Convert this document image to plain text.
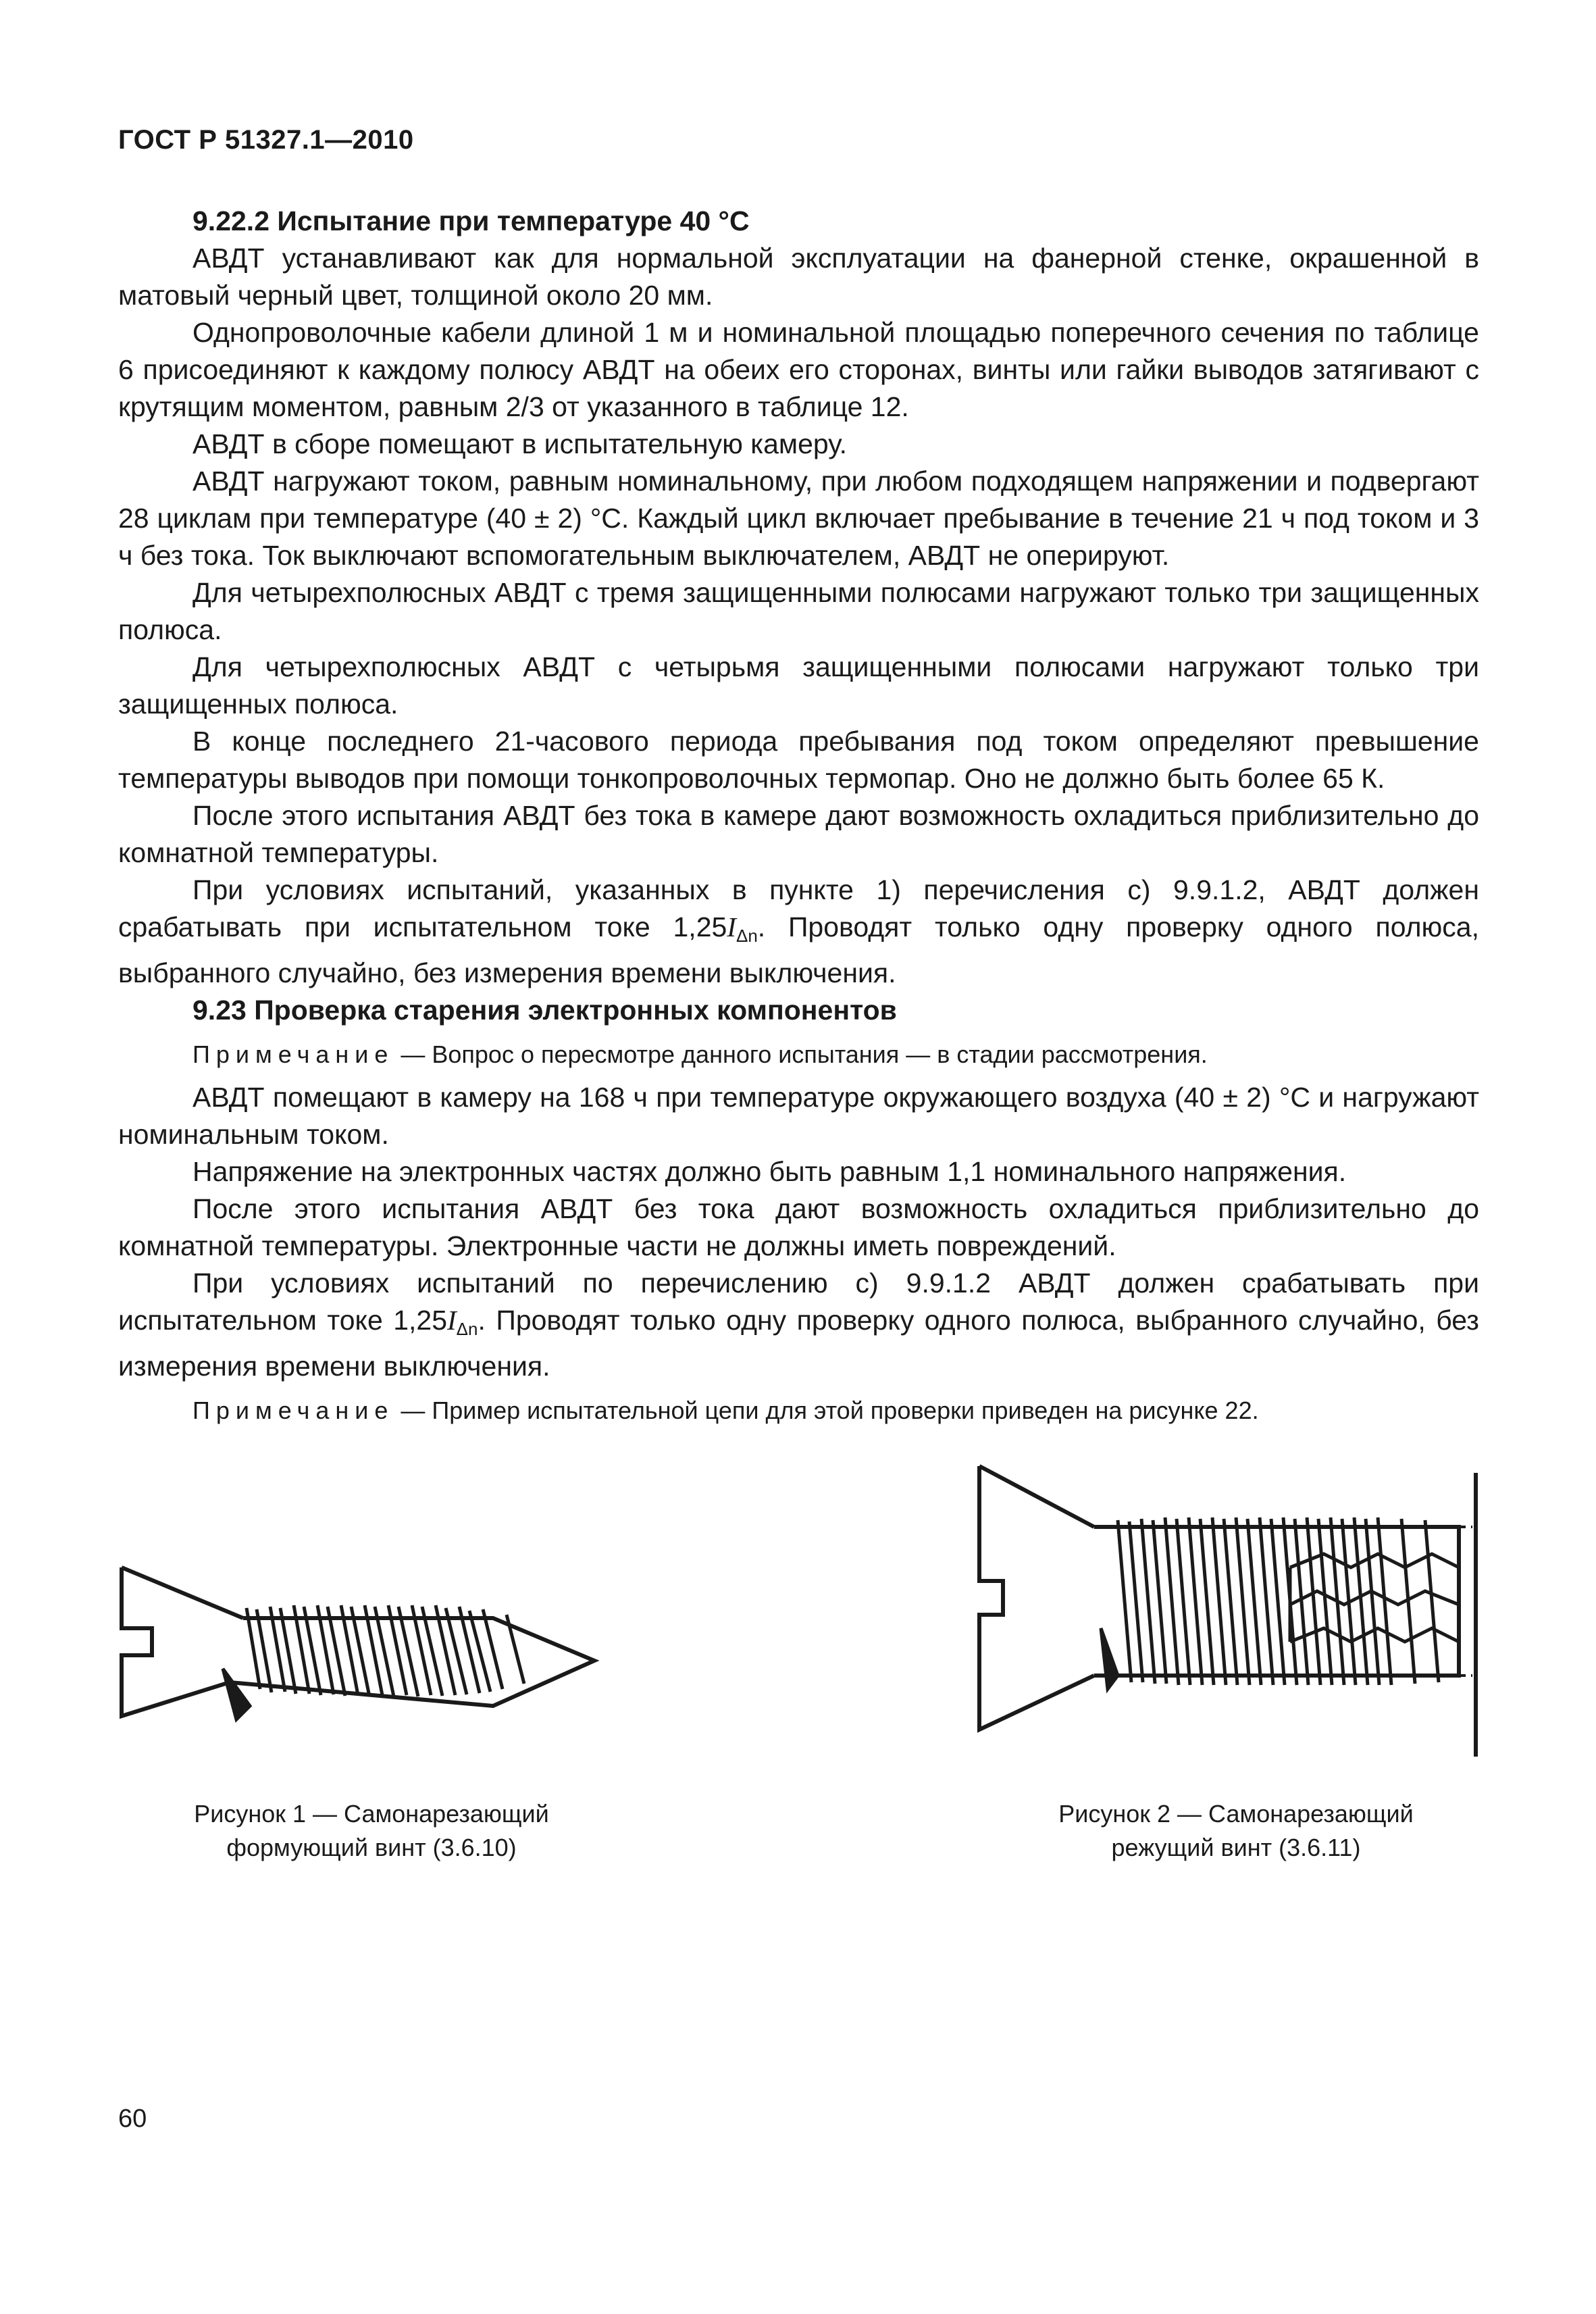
ГОСТ Р 51327.1—2010
9.22.2 Испытание при температуре 40 °С

АВДТ устанавливают как для нормальной эксплуатации на фанерной стенке, окрашенной в матовый черный цвет, толщиной около 20 мм.

Однопроволочные кабели длиной 1 м и номинальной площадью поперечного сечения по таблице 6 присоединяют к каждому полюсу АВДТ на обеих его сторонах, винты или гайки выводов затягивают с крутящим моментом, равным 2/3 от указанного в таблице 12.

АВДТ в сборе помещают в испытательную камеру.

АВДТ нагружают током, равным номинальному, при любом подходящем напряжении и подвергают 28 циклам при температуре (40 ± 2) °С. Каждый цикл включает пребывание в течение 21 ч под током и 3 ч без тока. Ток выключают вспомогательным выключателем, АВДТ не оперируют.

Для четырехполюсных АВДТ с тремя защищенными полюсами нагружают только три защищенных полюса.

Для четырехполюсных АВДТ с четырьмя защищенными полюсами нагружают только три защищенных полюса.

В конце последнего 21-часового периода пребывания под током определяют превышение температуры выводов при помощи тонкопроволочных термопар. Оно не должно быть более 65 К.

После этого испытания АВДТ без тока в камере дают возможность охладиться приблизительно до комнатной температуры.

При условиях испытаний, указанных в пункте 1) перечисления с) 9.9.1.2, АВДТ должен срабатывать при испытательном токе $1,25I_{\Delta n}$. Проводят только одну проверку одного полюса, выбранного случайно, без измерения времени выключения.

9.23 Проверка старения электронных компонентов

Примечание — Вопрос о пересмотре данного испытания — в стадии рассмотрения.

АВДТ помещают в камеру на 168 ч при температуре окружающего воздуха (40 ± 2) °С и нагружают номинальным током.

Напряжение на электронных частях должно быть равным 1,1 номинального напряжения.

После этого испытания АВДТ без тока дают возможность охладиться приблизительно до комнатной температуры. Электронные части не должны иметь повреждений.

При условиях испытаний по перечислению с) 9.9.1.2 АВДТ должен срабатывать при испытательном токе $1,25I_{\Delta n}$. Проводят только одну проверку одного полюса, выбранного случайно, без измерения времени выключения.

Примечание — Пример испытательной цепи для этой проверки приведен на рисунке 22.

Рисунок 1 — Самонарезающий
формующий винт (3.6.10)
Рисунок 2 — Самонарезающий
режущий винт (3.6.11)
60
